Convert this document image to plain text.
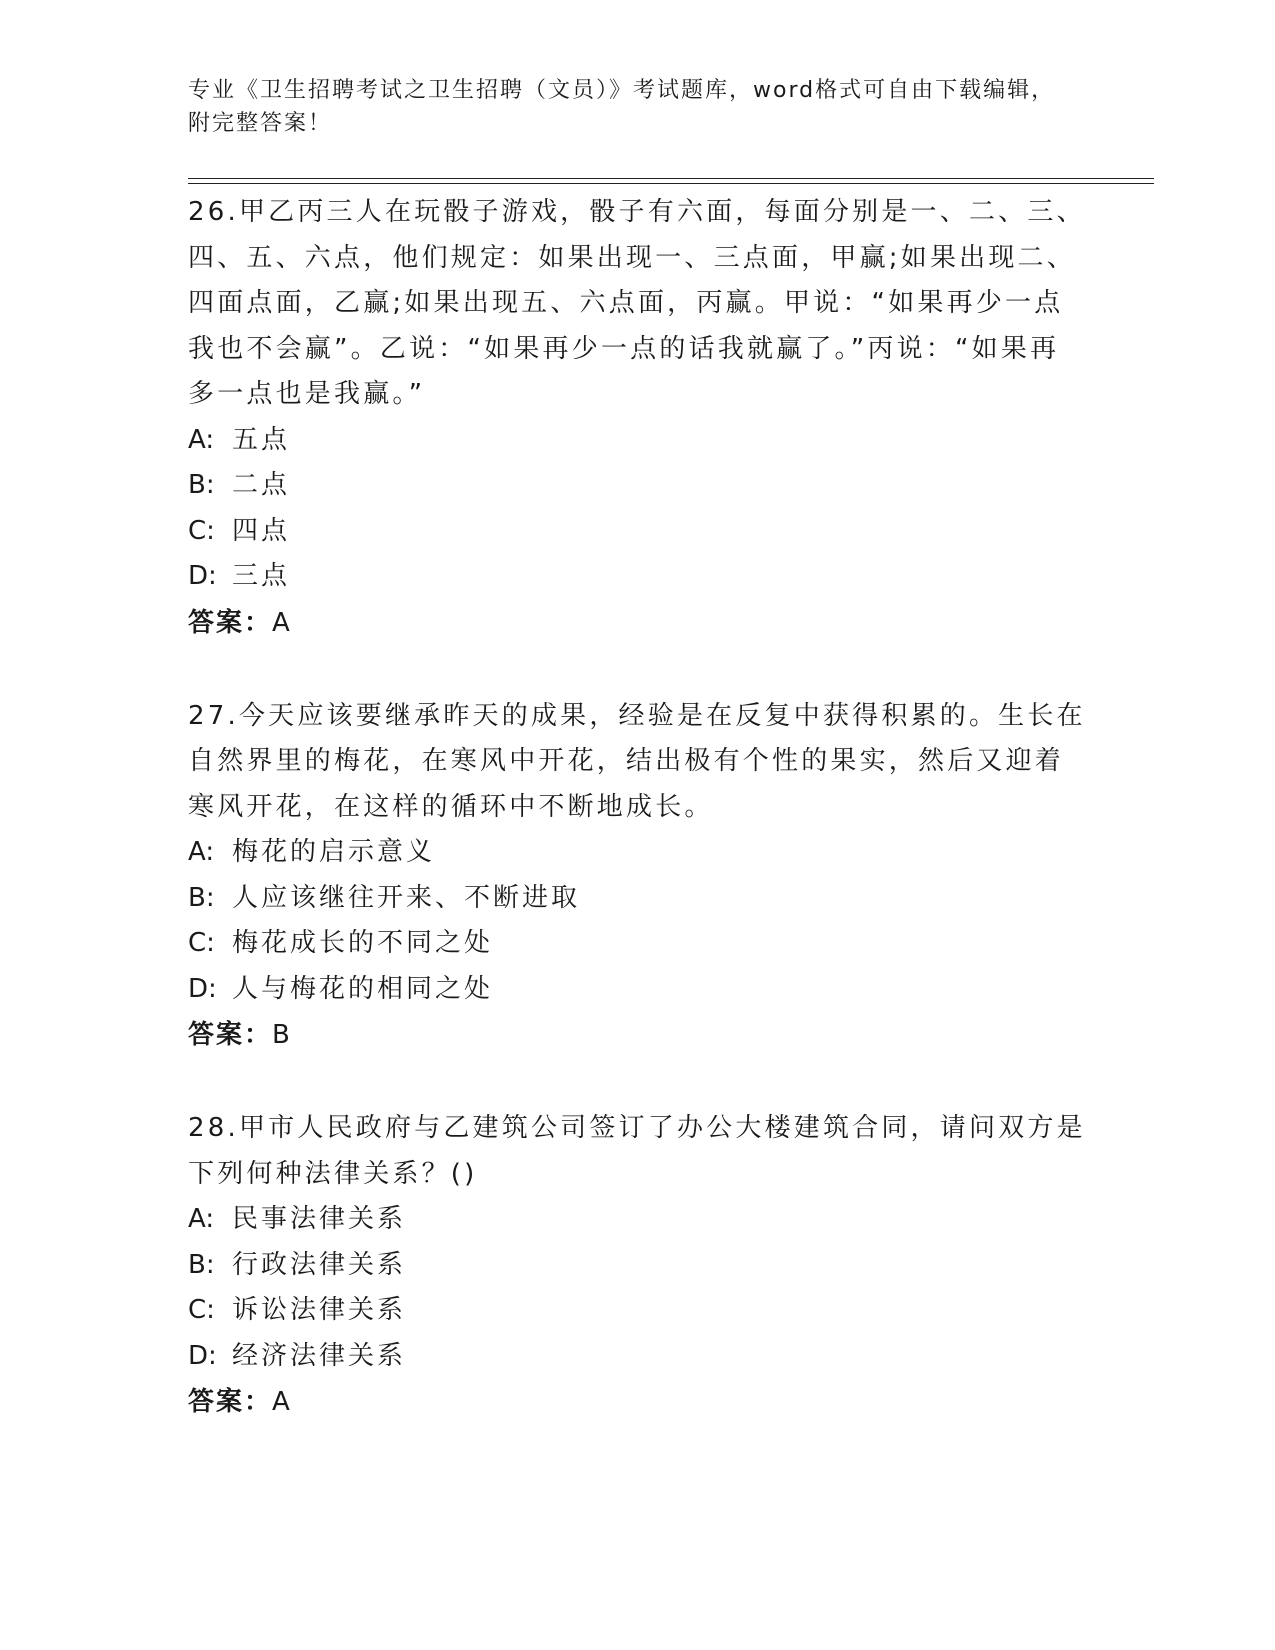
专业《卫生招聘考试之卫生招聘（文员）》考试题库，word格式可自由下载编辑，附完整答案！
26.甲乙丙三人在玩骰子游戏，骰子有六面，每面分别是一、二、三、四、五、六点，他们规定：如果出现一、三点面，甲赢;如果出现二、四面点面，乙赢;如果出现五、六点面，丙赢。甲说：“如果再少一点我也不会赢”。乙说：“如果再少一点的话我就赢了。”丙说：“如果再多一点也是我赢。”
A: 五点
B: 二点
C: 四点
D: 三点
答案：A
27.今天应该要继承昨天的成果，经验是在反复中获得积累的。生长在自然界里的梅花，在寒风中开花，结出极有个性的果实，然后又迎着寒风开花，在这样的循环中不断地成长。
A: 梅花的启示意义
B: 人应该继往开来、不断进取
C: 梅花成长的不同之处
D: 人与梅花的相同之处
答案：B
28.甲市人民政府与乙建筑公司签订了办公大楼建筑合同，请问双方是下列何种法律关系？()
A: 民事法律关系
B: 行政法律关系
C: 诉讼法律关系
D: 经济法律关系
答案：A
